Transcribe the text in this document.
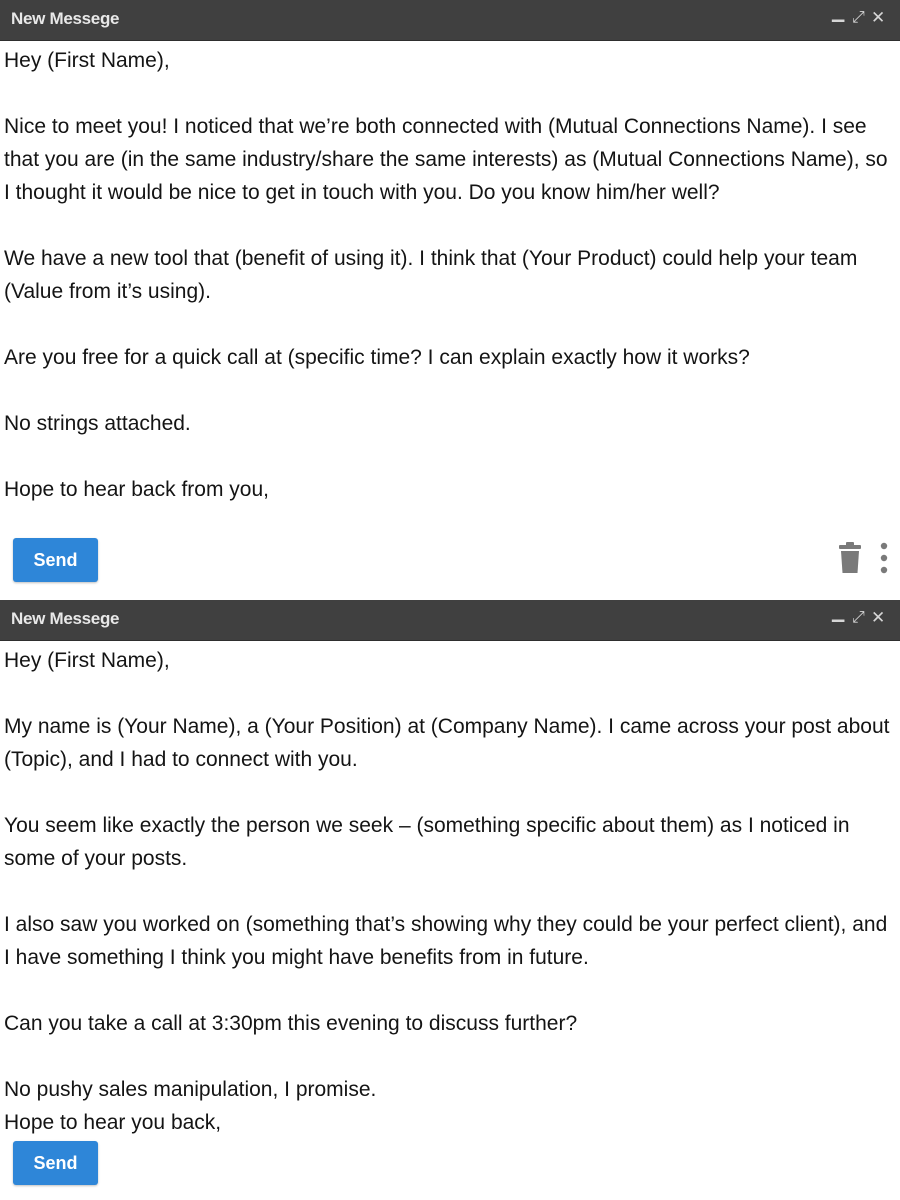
New Messege	▁ ⤢ ✕

Hey (First Name),

Nice to meet you! I noticed that we’re both connected with (Mutual Connections Name). I see that you are (in the same industry/share the same interests) as (Mutual Connections Name), so I thought it would be nice to get in touch with you. Do you know him/her well?

We have a new tool that (benefit of using it). I think that (Your Product) could help your team (Value from it’s using).

Are you free for a quick call at (specific time? I can explain exactly how it works?

No strings attached.

Hope to hear back from you,

Send
New Messege	▁ ⤢ ✕

Hey (First Name),

My name is (Your Name), a (Your Position) at (Company Name). I came across your post about (Topic), and I had to connect with you.

You seem like exactly the person we seek – (something specific about them) as I noticed in some of your posts.

I also saw you worked on (something that’s showing why they could be your perfect client), and I have something I think you might have benefits from in future.

Can you take a call at 3:30pm this evening to discuss further?

No pushy sales manipulation, I promise.

Hope to hear you back,

Send
